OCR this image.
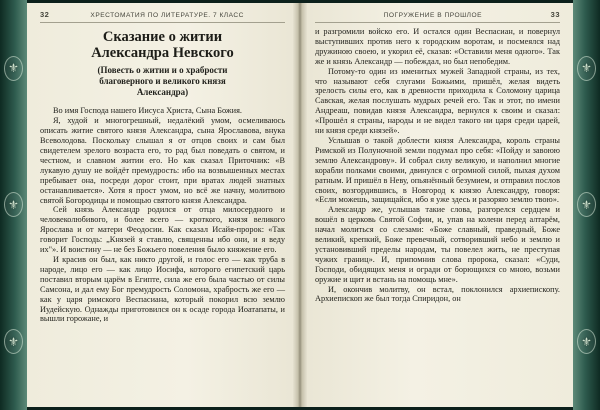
⚜
⚜
⚜
⚜
⚜
⚜
32	ХРЕСТОМАТИЯ ПО ЛИТЕРАТУРЕ. 7 КЛАСС
Сказание о житии Александра Невского
(Повесть о житии и о храбрости благоверного и великого князя Александра)

Во имя Господа нашего Иисуса Христа, Сына Божия.

Я, худой и многогрешный, недалёкий умом, осмеливаюсь описать житие святого князя Александра, сына Ярославова, внука Всеволодова. Поскольку слышал я от отцов своих и сам был свидетелем зрелого возраста его, то рад был поведать о святом, и честном, и славном житии его. Но как сказал Приточник: «В лукавую душу не войдёт премудрость: ибо на возвышенных местах пребывает она, посреди дорог стоит, при вратах людей знатных останавливается». Хотя я прост умом, но всё же начну, молитвою святой Богородицы и помощью святого князя Александра.

Сей князь Александр родился от отца милосердного и человеколюбивого, и более всего — кроткого, князя великого Ярослава и от матери Феодосии. Как сказал Исайя-пророк: «Так говорит Господь: „Князей я ставлю, священны ибо они, и я веду их"». И воистину — не без Божьего повеления было княжение его.

И красив он был, как никто другой, и голос его — как труба в народе, лицо его — как лицо Иосифа, которого египетский царь поставил вторым царём в Египте, сила же его была частью от силы Самсона, и дал ему Бог премудрость Соломона, храбрость же его — как у царя римского Веспасиана, который покорил всю землю Иудейскую. Однажды приготовился он к осаде города Иоатапаты, и вышли горожане, и

ПОГРУЖЕНИЕ В ПРОШЛОЕ	33

и разгромили войско его. И остался один Веспасиан, и повернул выступивших против него к городским воротам, и посмеялся над дружиною своею, и укорил её, сказав: «Оставили меня одного». Так же и князь Александр — побеждал, но был непобедим.

Потому-то один из именитых мужей Западной страны, из тех, что называют себя слугами Божьими, пришёл, желая видеть зрелость силы его, как в древности приходила к Соломону царица Савская, желая послушать мудрых речей его. Так и этот, по имени Андреаш, повидав князя Александра, вернулся к своим и сказал: «Прошёл я страны, народы и не видел такого ни царя среди царей, ни князя среди князей».

Услышав о такой доблести князя Александра, король страны Римской из Полуночной земли подумал про себя: «Пойду и завоюю землю Александрову». И собрал силу великую, и наполнил многие корабли полками своими, двинулся с огромной силой, пыхая духом ратным. И пришёл в Неву, опьянённый безумием, и отправил послов своих, возгордившись, в Новгород к князю Александру, говоря: «Если можешь, защищайся, ибо я уже здесь и разоряю землю твою».

Александр же, услышав такие слова, разгорелся сердцем и вошёл в церковь Святой Софии, и, упав на колени перед алтарём, начал молиться со слезами: «Боже славный, праведный, Боже великий, крепкий, Боже превечный, сотворивший небо и землю и установивший пределы народам, ты повелел жить, не преступая чужих границ». И, припомнив слова пророка, сказал: «Суди, Господи, обидящих меня и огради от борющихся со мною, возьми оружие и щит и встань на помощь мне».

И, окончив молитву, он встал, поклонился архиепископу. Архиепископ же был тогда Спиридон, он
